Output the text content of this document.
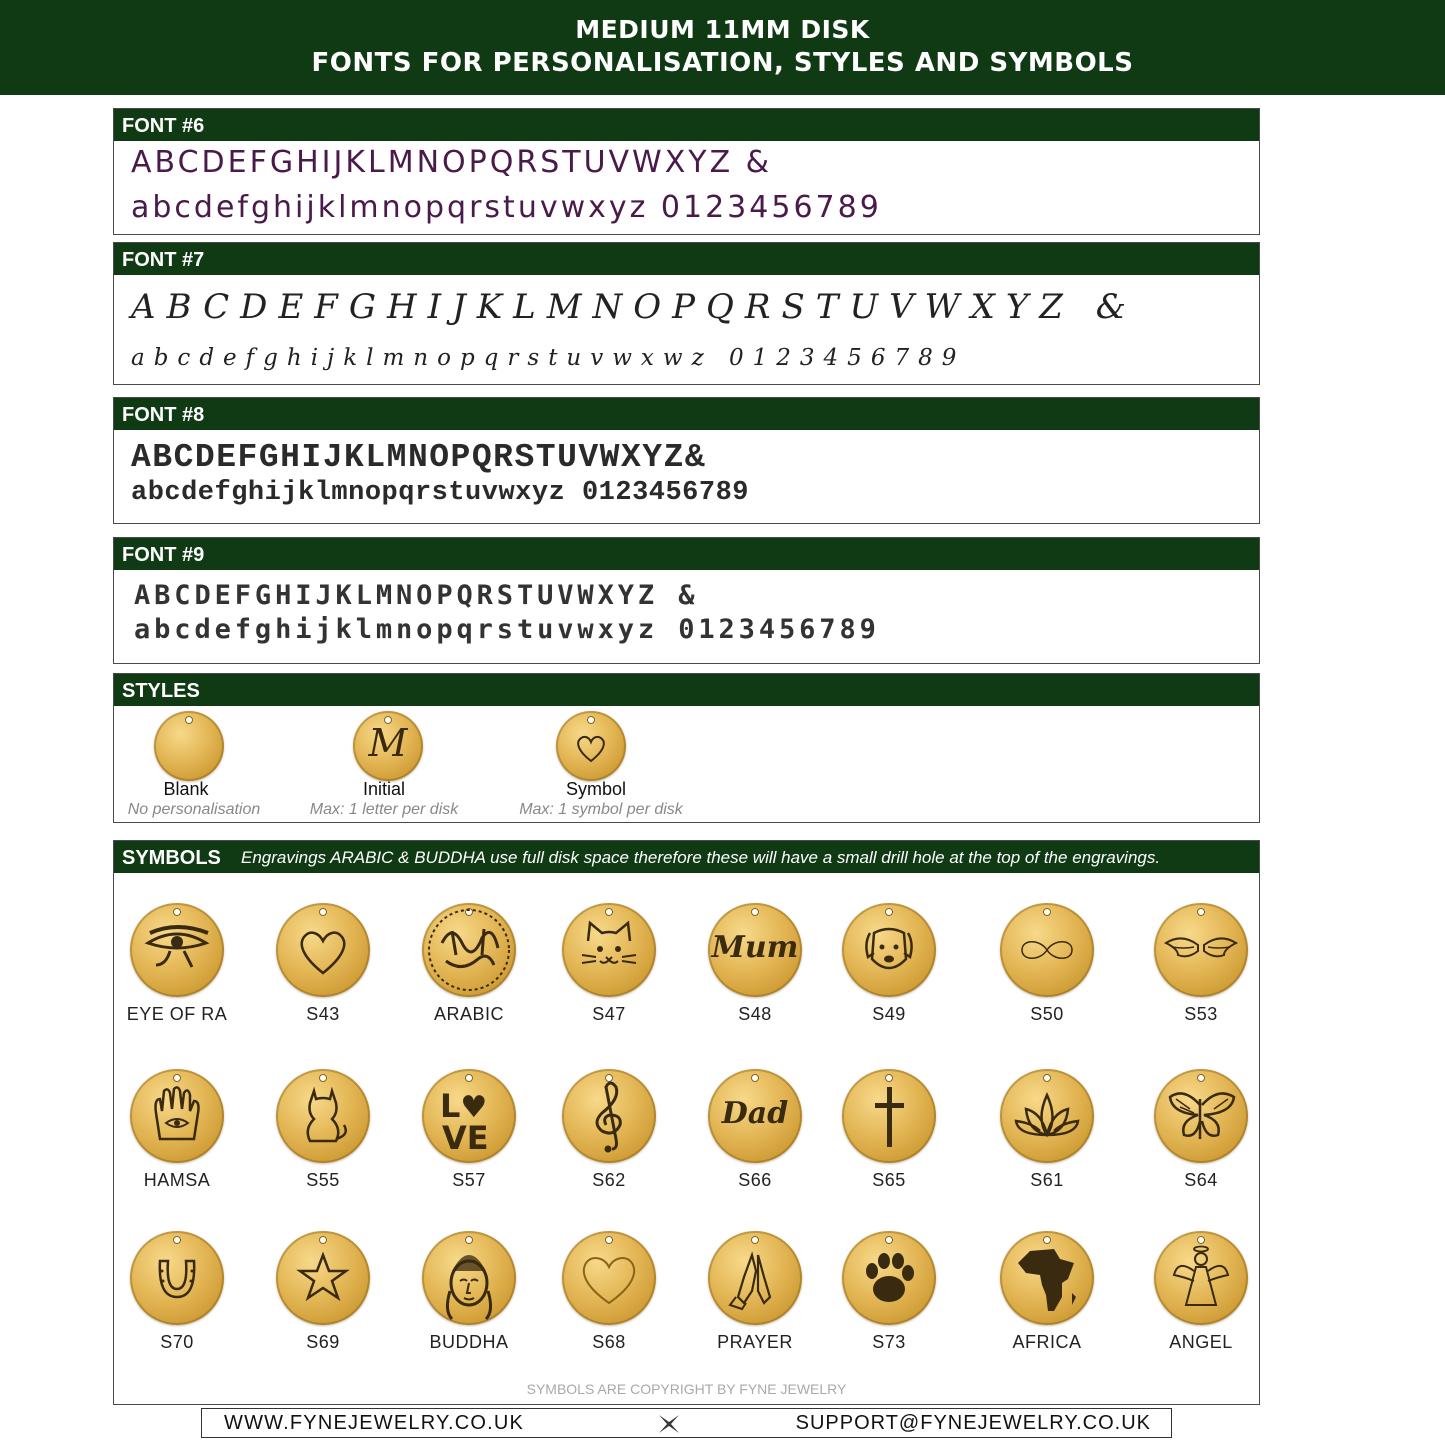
MEDIUM 11MM DISK
FONTS FOR PERSONALISATION, STYLES AND SYMBOLS
FONT #6
ABCDEFGHIJKLMNOPQRSTUVWXYZ &
abcdefghijklmnopqrstuvwxyz 0123456789
FONT #7
ABCDEFGHIJKLMNOPQRSTUVWXYZ &
abcdefghijklmnopqrstuvwxwz 0123456789
FONT #8
ABCDEFGHIJKLMNOPQRSTUVWXYZ&
abcdefghijklmnopqrstuvwxyz 0123456789
FONT #9
ABCDEFGHIJKLMNOPQRSTUVWXYZ &
abcdefghijklmnopqrstuvwxyz 0123456789
STYLES
Blank
No personalisation
M
Initial
Max: 1 letter per disk
Symbol
Max: 1 symbol per disk
SYMBOLS Engravings ARABIC & BUDDHA use full disk space therefore these will have a small drill hole at the top of the engravings.
EYE OF RA	S43	ARABIC	S47
Mum
S48	S49	S50	S53
HAMSA	S55
L♥
VE
S57	S62
Dad
S66	S65	S61	S64
S70	S69	BUDDHA	S68	PRAYER	S73	AFRICA	ANGEL
SYMBOLS ARE COPYRIGHT BY FYNE JEWELRY
WWW.FYNEJEWELRY.CO.UK	SUPPORT@FYNEJEWELRY.CO.UK
